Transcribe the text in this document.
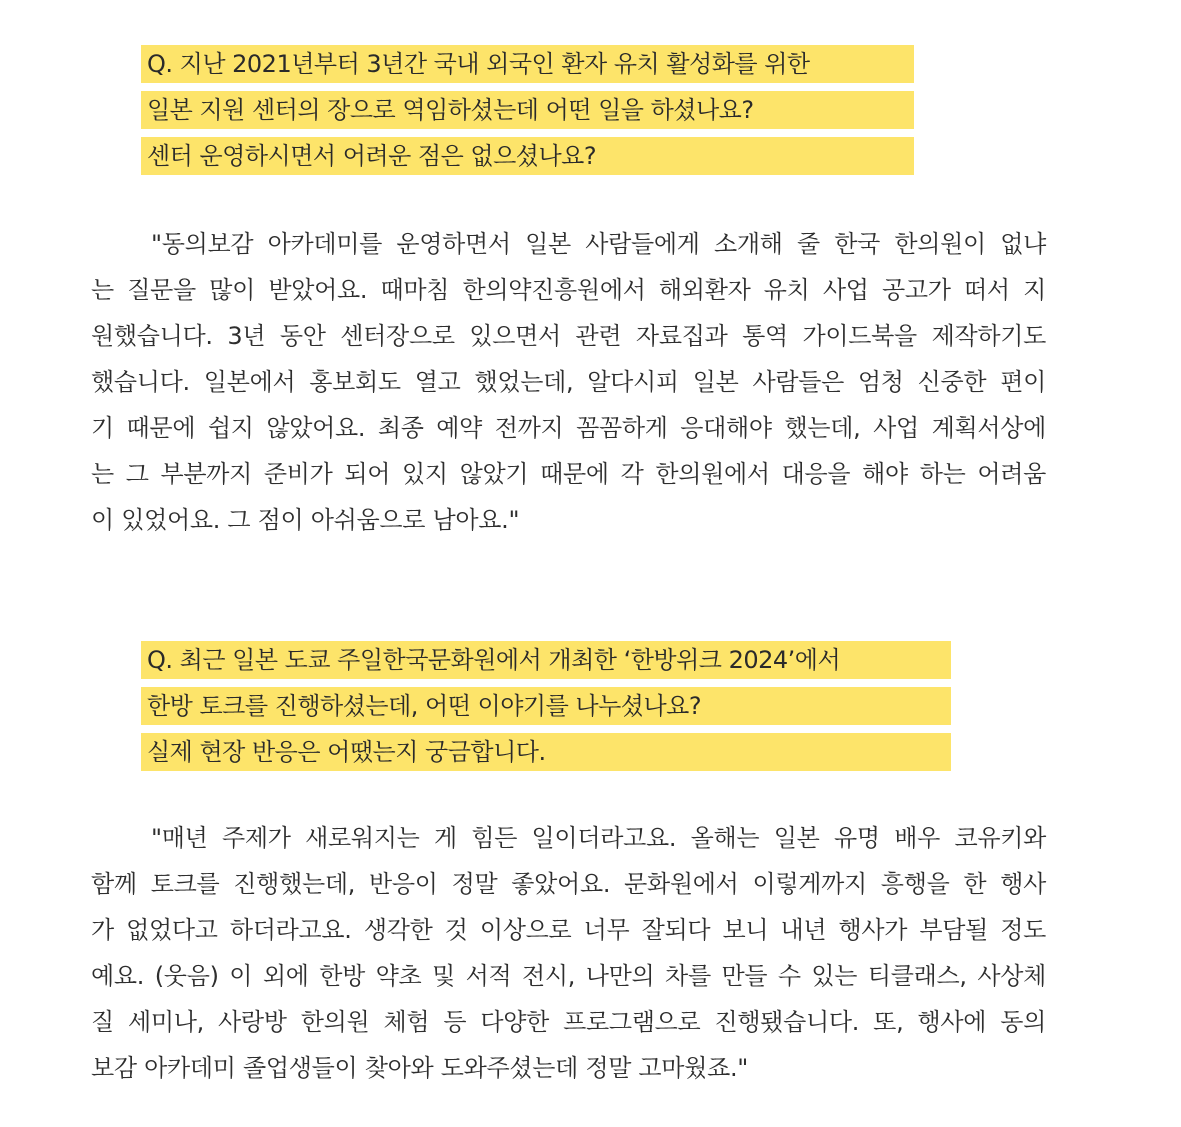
Q. 지난 2021년부터 3년간 국내 외국인 환자 유치 활성화를 위한
일본 지원 센터의 장으로 역임하셨는데 어떤 일을 하셨나요?
센터 운영하시면서 어려운 점은 없으셨나요?
"동의보감 아카데미를 운영하면서 일본 사람들에게 소개해 줄 한국 한의원이 없냐
는 질문을 많이 받았어요. 때마침 한의약진흥원에서 해외환자 유치 사업 공고가 떠서 지
원했습니다. 3년 동안 센터장으로 있으면서 관련 자료집과 통역 가이드북을 제작하기도
했습니다. 일본에서 홍보회도 열고 했었는데, 알다시피 일본 사람들은 엄청 신중한 편이
기 때문에 쉽지 않았어요. 최종 예약 전까지 꼼꼼하게 응대해야 했는데, 사업 계획서상에
는 그 부분까지 준비가 되어 있지 않았기 때문에 각 한의원에서 대응을 해야 하는 어려움
이 있었어요. 그 점이 아쉬움으로 남아요."
Q. 최근 일본 도쿄 주일한국문화원에서 개최한 ‘한방위크 2024’에서
한방 토크를 진행하셨는데, 어떤 이야기를 나누셨나요?
실제 현장 반응은 어땠는지 궁금합니다.
"매년 주제가 새로워지는 게 힘든 일이더라고요. 올해는 일본 유명 배우 코유키와
함께 토크를 진행했는데, 반응이 정말 좋았어요. 문화원에서 이렇게까지 흥행을 한 행사
가 없었다고 하더라고요. 생각한 것 이상으로 너무 잘되다 보니 내년 행사가 부담될 정도
예요. (웃음) 이 외에 한방 약초 및 서적 전시, 나만의 차를 만들 수 있는 티클래스, 사상체
질 세미나, 사랑방 한의원 체험 등 다양한 프로그램으로 진행됐습니다. 또, 행사에 동의
보감 아카데미 졸업생들이 찾아와 도와주셨는데 정말 고마웠죠."
